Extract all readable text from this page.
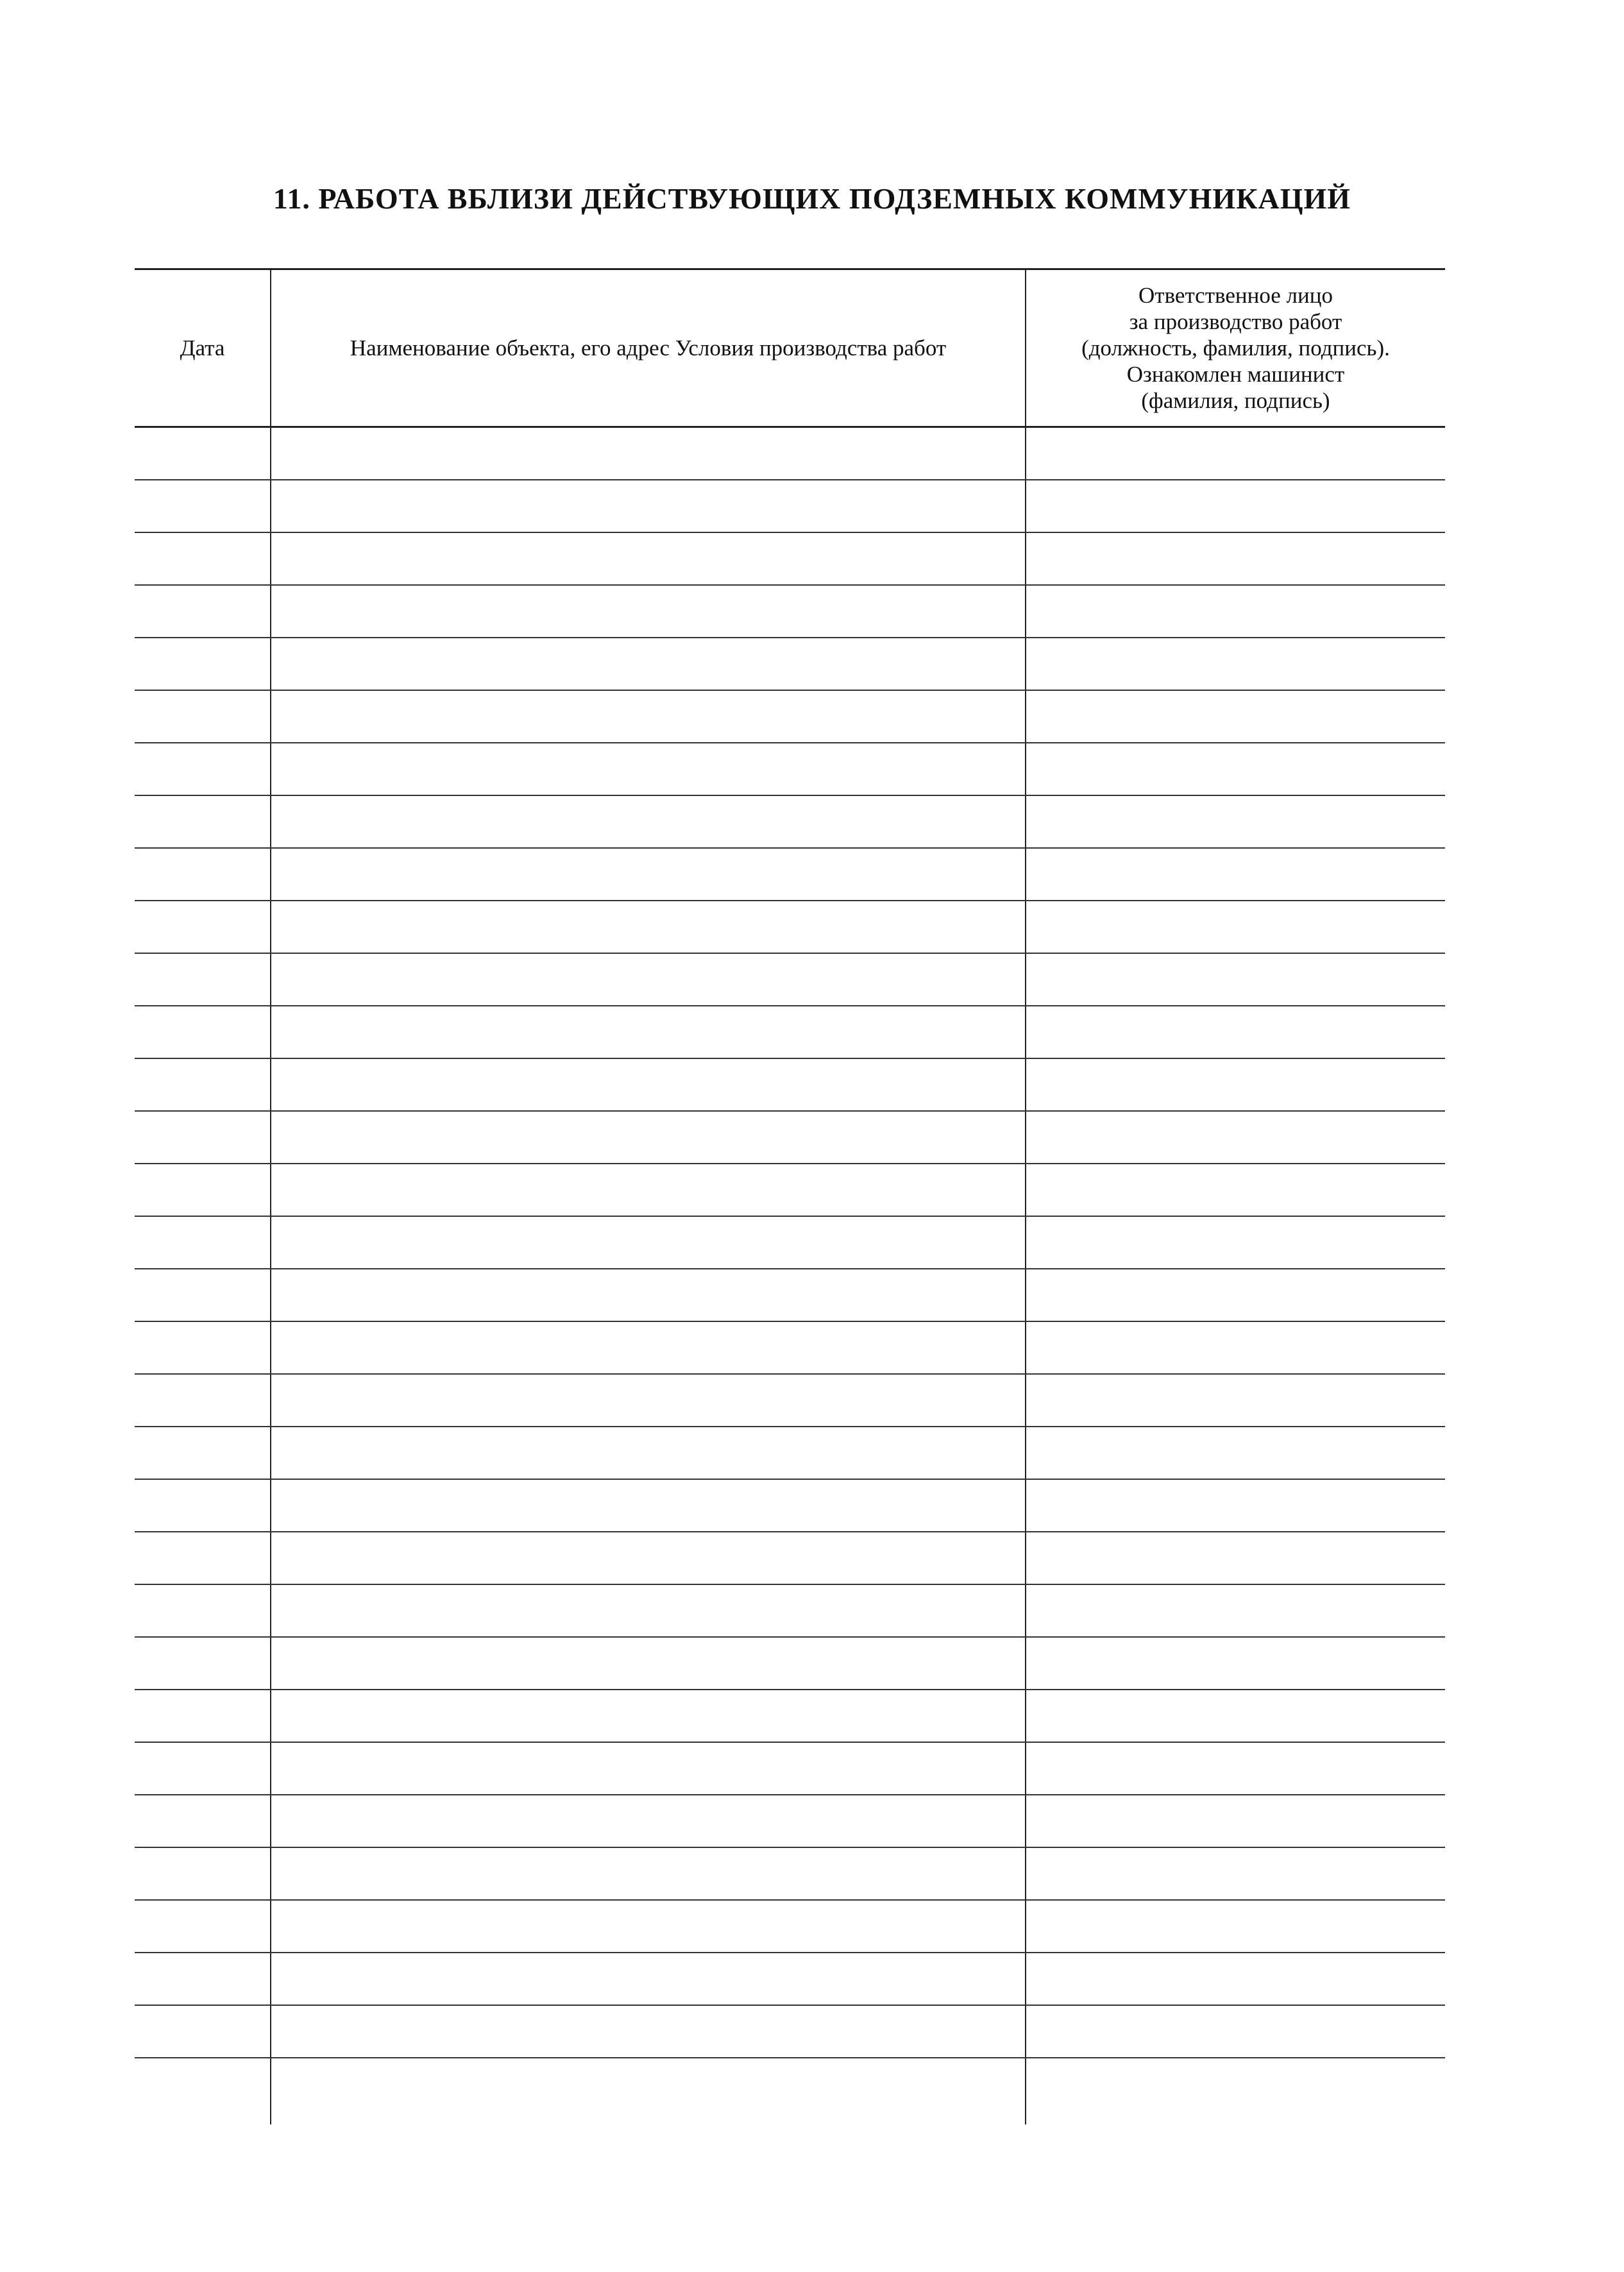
11. РАБОТА ВБЛИЗИ ДЕЙСТВУЮЩИХ ПОДЗЕМНЫХ КОММУНИКАЦИЙ
Дата	Наименование объекта, его адрес Условия производства работ	Ответственное лицо
за производство работ
(должность, фамилия, подпись).
Ознакомлен машинист
(фамилия, подпись)
